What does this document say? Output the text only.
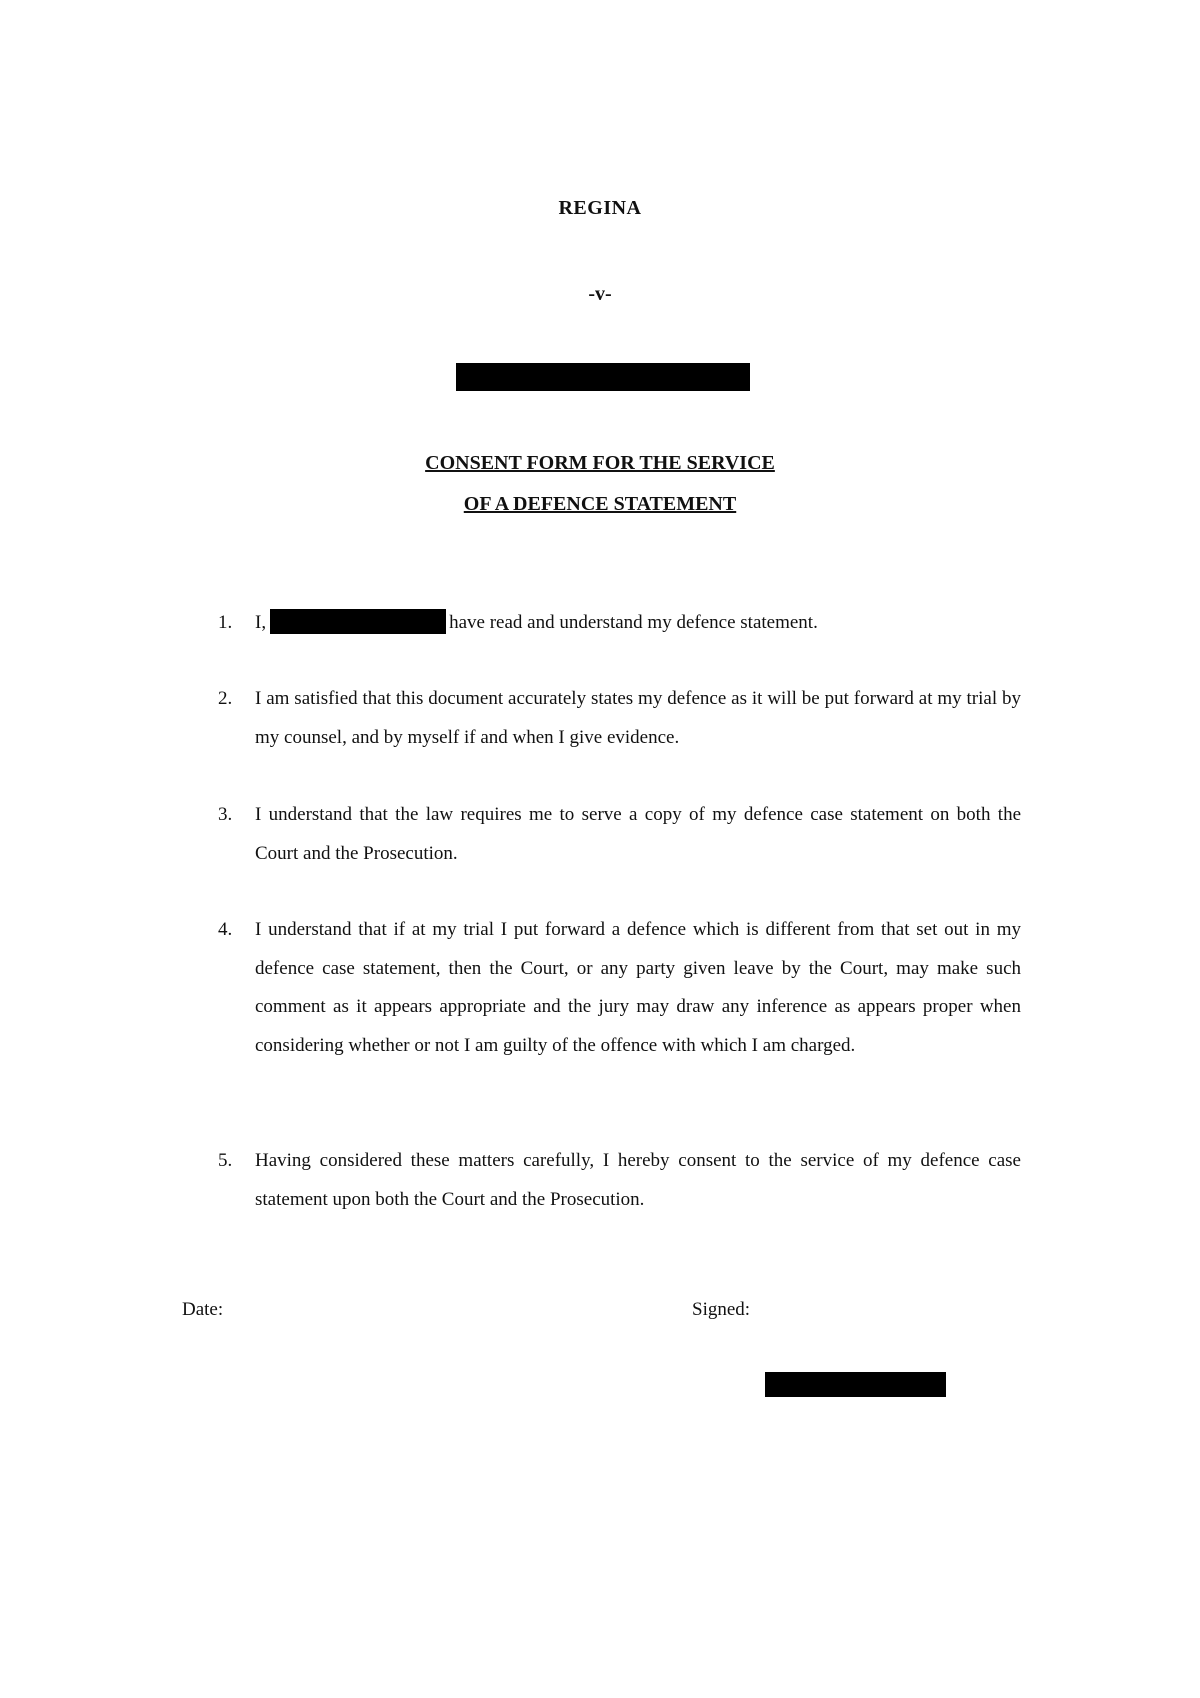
REGINA
-v-
CONSENT FORM FOR THE SERVICE
OF A DEFENCE STATEMENT
1.	I,	have read and understand my defence statement.
2.	I am satisfied that this document accurately states my defence as it will be put forward at my trial by my counsel, and by myself if and when I give evidence.
3.	I understand that the law requires me to serve a copy of my defence case statement on both the Court and the Prosecution.
4.	I understand that if at my trial I put forward a defence which is different from that set out in my defence case statement, then the Court, or any party given leave by the Court, may make such comment as it appears appropriate and the jury may draw any inference as appears proper when considering whether or not I am guilty of the offence with which I am charged.
5.	Having considered these matters carefully, I hereby consent to the service of my defence case statement upon both the Court and the Prosecution.
Date:	Signed:
